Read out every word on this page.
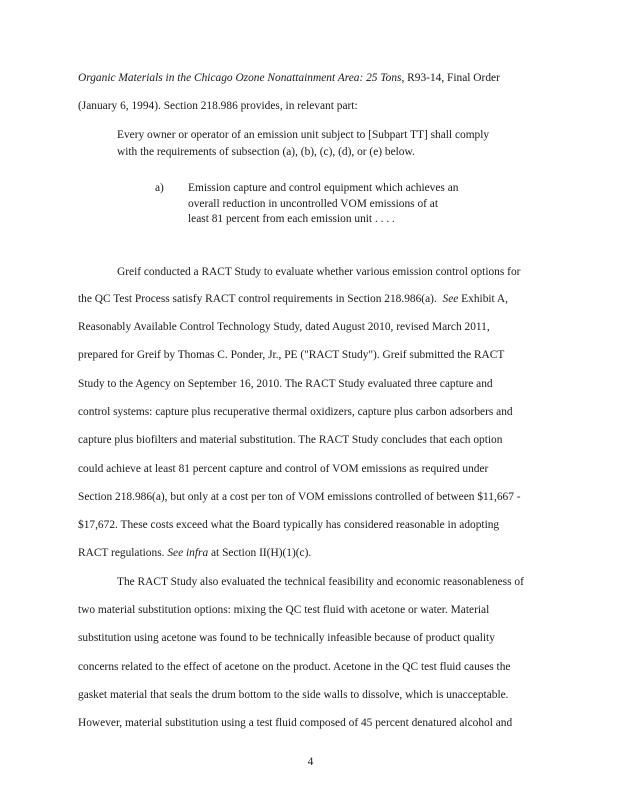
Organic Materials in the Chicago Ozone Nonattainment Area: 25 Tons, R93-14, Final Order
(January 6, 1994). Section 218.986 provides, in relevant part:
Every owner or operator of an emission unit subject to [Subpart TT] shall comply
with the requirements of subsection (a), (b), (c), (d), or (e) below.
a) Emission capture and control equipment which achieves an
overall reduction in uncontrolled VOM emissions of at
least 81 percent from each emission unit . . . .
Greif conducted a RACT Study to evaluate whether various emission control options for
the QC Test Process satisfy RACT control requirements in Section 218.986(a). See Exhibit A,
Reasonably Available Control Technology Study, dated August 2010, revised March 2011,
prepared for Greif by Thomas C. Ponder, Jr., PE ("RACT Study"). Greif submitted the RACT
Study to the Agency on September 16, 2010. The RACT Study evaluated three capture and
control systems: capture plus recuperative thermal oxidizers, capture plus carbon adsorbers and
capture plus biofilters and material substitution. The RACT Study concludes that each option
could achieve at least 81 percent capture and control of VOM emissions as required under
Section 218.986(a), but only at a cost per ton of VOM emissions controlled of between $11,667 -
$17,672. These costs exceed what the Board typically has considered reasonable in adopting
RACT regulations. See infra at Section II(H)(1)(c).
The RACT Study also evaluated the technical feasibility and economic reasonableness of
two material substitution options: mixing the QC test fluid with acetone or water. Material
substitution using acetone was found to be technically infeasible because of product quality
concerns related to the effect of acetone on the product. Acetone in the QC test fluid causes the
gasket material that seals the drum bottom to the side walls to dissolve, which is unacceptable.
However, material substitution using a test fluid composed of 45 percent denatured alcohol and
4
